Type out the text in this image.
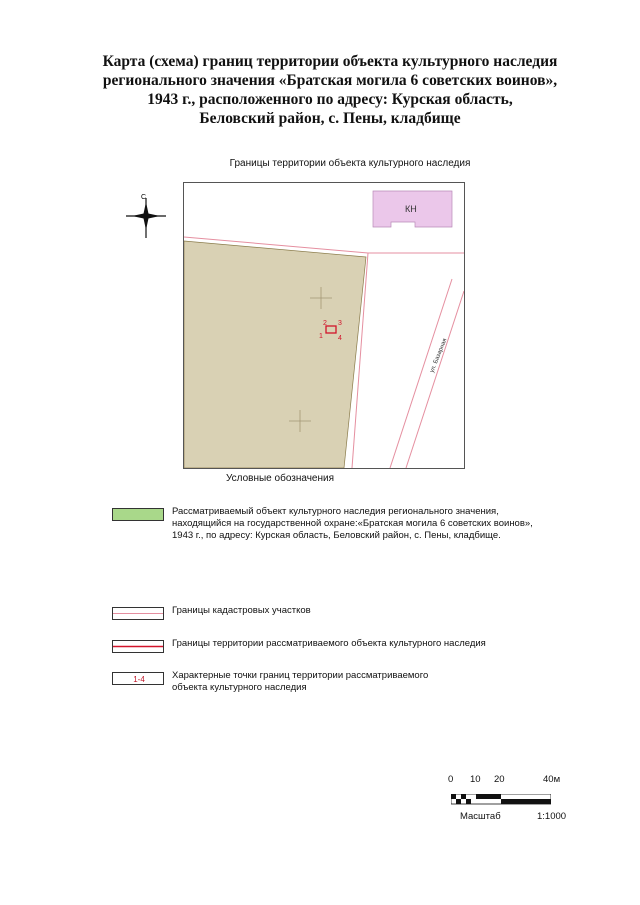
Карта (схема) границ территории объекта культурного наследия
регионального значения «Братская могила 6 советских воинов»,
1943 г., расположенного по адресу: Курская область,
Беловский район, с. Пены, кладбище
Границы территории объекта культурного наследия
С
КН
ул. Базарная
2 3
1 4
Условные обозначения
Рассматриваемый объект культурного наследия регионального значения, находящийся на государственной охране:«Братская могила 6 советских воинов», 1943 г., по адресу: Курская область, Беловский район, с. Пены, кладбище.
Границы кадастровых участков
Границы территории рассматриваемого объекта культурного наследия
1-4	Характерные точки границ территории рассматриваемого объекта культурного наследия
0 10 20	40м
Масштаб	1:1000
